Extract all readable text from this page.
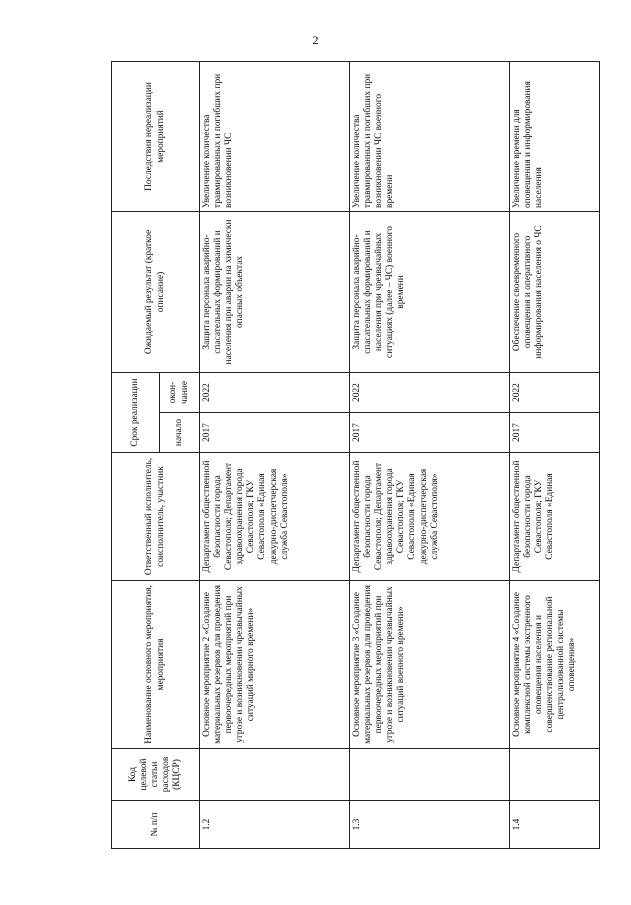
2
№ п/п	Код целевой статьи расходов (КЦСР)	Наименование основного мероприятия, мероприятия	Ответственный исполнитель, соисполнитель, участник	Срок реализации		Ожидаемый результат (краткое описание)	Последствия нереализации мероприятий
				начало	окон-чание		
1.2		Основное мероприятие 2 «Создание материальных резервов для проведения первоочередных мероприятий при угрозе и возникновении чрезвычайных ситуаций мирного времени»	Департамент общественной безопасности города Севастополя; Департамент здравоохранения города Севастополя; ГКУ Севастополя «Единая дежурно-диспетчерская служба Севастополя»	2017	2022	Защита персонала аварийно-спасательных формирований и населения при аварии на химически опасных объектах	Увеличение количества травмированных и погибших при возникновении ЧС
1.3		Основное мероприятие 3 «Создание материальных резервов для проведения первоочередных мероприятий при угрозе и возникновении чрезвычайных ситуаций военного времени»	Департамент общественной безопасности города Севастополя; Департамент здравоохранения города Севастополя; ГКУ Севастополя «Единая дежурно-диспетчерская служба Севастополя»	2017	2022	Защита персонала аварийно-спасательных формирований и населения при чрезвычайных ситуациях (далее – ЧС) военного времени	Увеличение количества травмированных и погибших при возникновении ЧС военного времени
1.4		Основное мероприятие 4 «Создание комплексной системы экстренного оповещения населения и совершенствование региональной централизованной системы оповещения»	Департамент общественной безопасности города Севастополя; ГКУ Севастополя «Единая	2017	2022	Обеспечение своевременного оповещения и оперативного информирования населения о ЧС	Увеличение времени для оповещения и информирования населения
